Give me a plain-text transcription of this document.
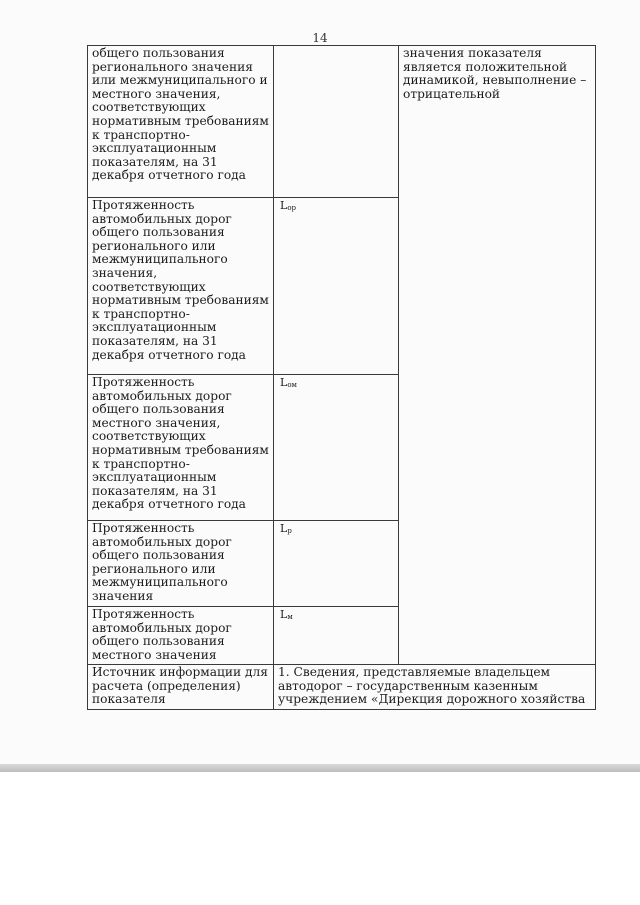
14
общего пользования регионального значения или межмуниципального и местного значения, соответствующих нормативным требованиям к транспортно-эксплуатационным показателям, на 31 декабря отчетного года		значения показателя является положительной динамикой, невыполнение – отрицательной
Протяженность автомобильных дорог общего пользования регионального или межмуниципального значения, соответствующих нормативным требованиям к транспортно-эксплуатационным показателям, на 31 декабря отчетного года	$L_{ор}$
Протяженность автомобильных дорог общего пользования местного значения, соответствующих нормативным требованиям к транспортно-эксплуатационным показателям, на 31 декабря отчетного года	$L_{ом}$
Протяженность автомобильных дорог общего пользования регионального или межмуниципального значения	$L_р$
Протяженность автомобильных дорог общего пользования местного значения	$L_м$
Источник информации для расчета (определения) показателя	1. Сведения, представляемые владельцем автодорог – государственным казенным учреждением «Дирекция дорожного хозяйства	
